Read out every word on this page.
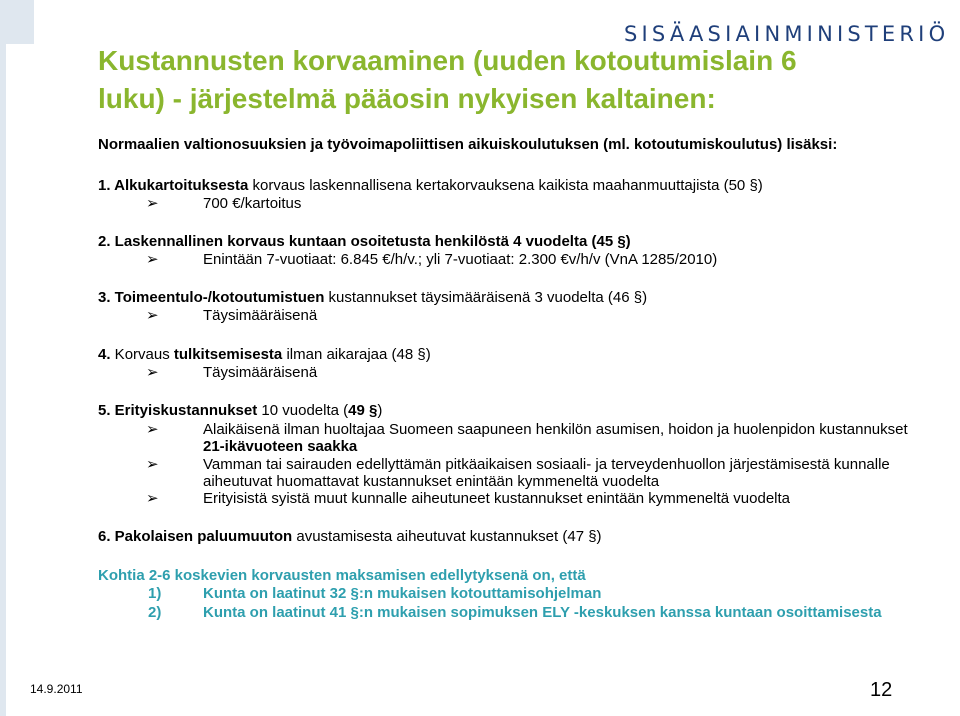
SISÄASIAINMINISTERIÖ
Kustannusten korvaaminen (uuden kotoutumislain 6
luku) - järjestelmä pääosin nykyisen kaltainen:
Normaalien valtionosuuksien ja työvoimapoliittisen aikuiskoulutuksen (ml. kotoutumiskoulutus) lisäksi:
1. Alkukartoituksesta korvaus laskennallisena kertakorvauksena kaikista maahanmuuttajista (50 §)
➢	700 €/kartoitus
2. Laskennallinen korvaus kuntaan osoitetusta henkilöstä 4 vuodelta (45 §)
➢	Enintään 7-vuotiaat: 6.845 €/h/v.; yli 7-vuotiaat: 2.300 €v/h/v (VnA 1285/2010)
3. Toimeentulo-/kotoutumistuen kustannukset täysimääräisenä 3 vuodelta (46 §)
➢	Täysimääräisenä
4. Korvaus tulkitsemisesta ilman aikarajaa (48 §)
➢	Täysimääräisenä
5. Erityiskustannukset 10 vuodelta (49 §)
➢	Alaikäisenä ilman huoltajaa Suomeen saapuneen henkilön asumisen, hoidon ja huolenpidon kustannukset
21-ikävuoteen saakka
➢	Vamman tai sairauden edellyttämän pitkäaikaisen sosiaali- ja terveydenhuollon järjestämisestä kunnalle
aiheutuvat huomattavat kustannukset enintään kymmeneltä vuodelta
➢	Erityisistä syistä muut kunnalle aiheutuneet kustannukset enintään kymmeneltä vuodelta
6. Pakolaisen paluumuuton avustamisesta aiheutuvat kustannukset (47 §)
Kohtia 2-6 koskevien korvausten maksamisen edellytyksenä on, että
1)	Kunta on laatinut 32 §:n mukaisen kotouttamisohjelman
2)	Kunta on laatinut 41 §:n mukaisen sopimuksen ELY -keskuksen kanssa kuntaan osoittamisesta
14.9.2011	12
